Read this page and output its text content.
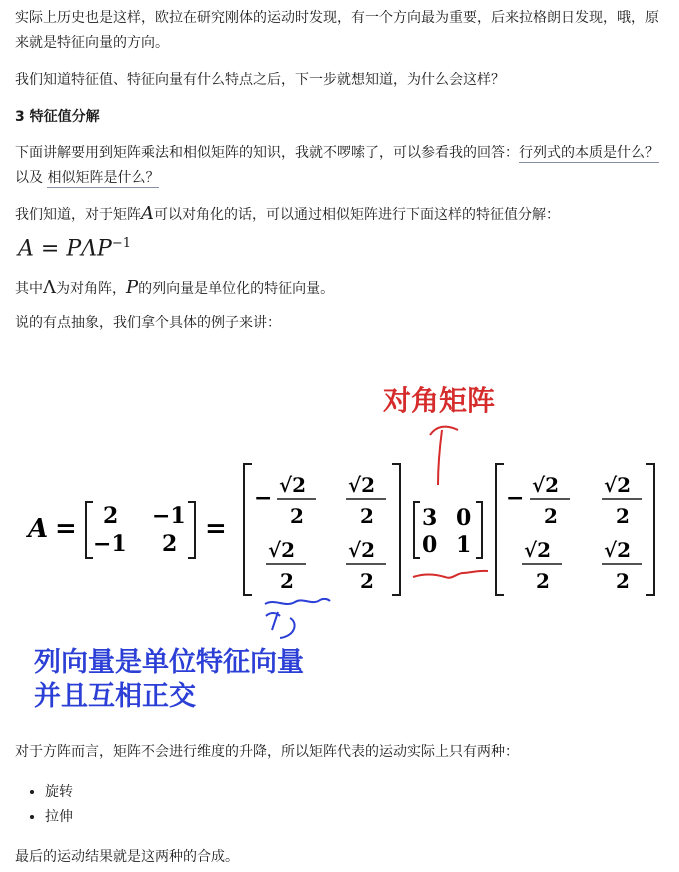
实际上历史也是这样，欧拉在研究刚体的运动时发现，有一个方向最为重要，后来拉格朗日发现，哦，原来就是特征向量的方向。

我们知道特征值、特征向量有什么特点之后，下一步就想知道，为什么会这样？

3 特征值分解

下面讲解要用到矩阵乘法和相似矩阵的知识，我就不啰嗦了，可以参看我的回答：行列式的本质是什么？ 以及 相似矩阵是什么？

我们知道，对于矩阵A可以对角化的话，可以通过相似矩阵进行下面这样的特征值分解：

$A = P\Lambda P^{-1}$

其中Λ为对角阵，P的列向量是单位化的特征向量。

说的有点抽象，我们拿个具体的例子来讲：

对角矩阵
A = 2 −1
−1 2 =
− √2
2
√2
2
√2
2
√2
2
3 0
0 1
− √2
2
√2
2
√2
2
√2
2
列向量是单位特征向量
并且互相正交

对于方阵而言，矩阵不会进行维度的升降，所以矩阵代表的运动实际上只有两种：

• 旋转
• 拉伸

最后的运动结果就是这两种的合成。
